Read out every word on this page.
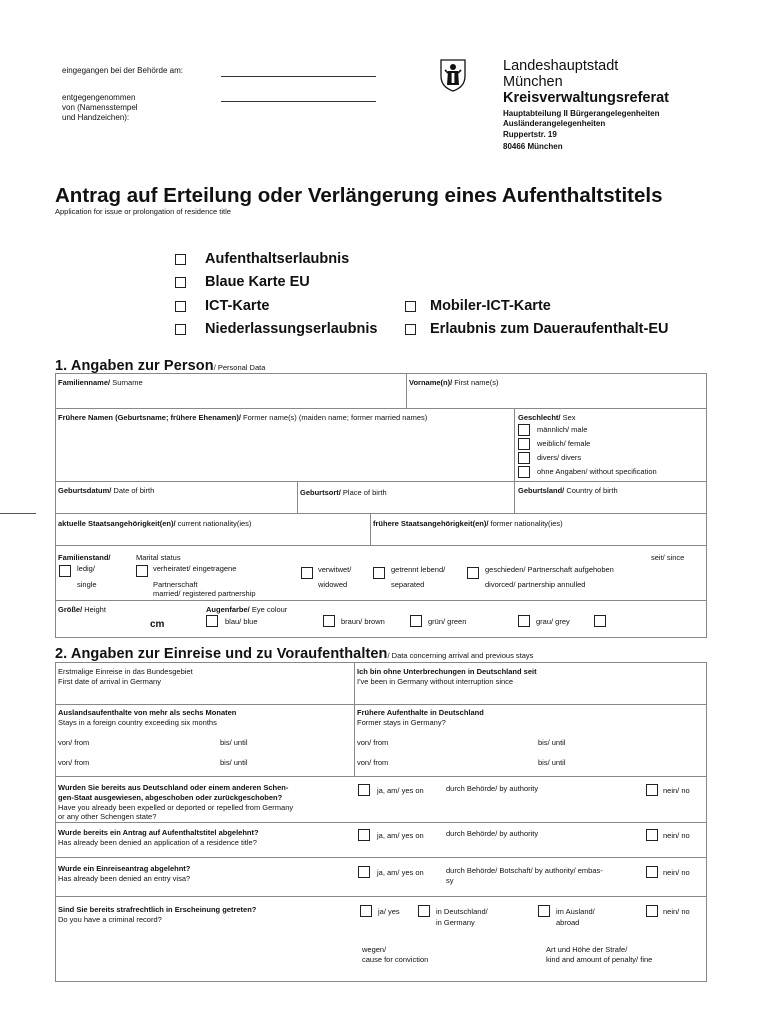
eingegangen bei der Behörde am:
entgegengenommen
von (Namensstempel
und Handzeichen):
Landeshauptstadt
München
Kreisverwaltungsreferat
Hauptabteilung II Bürgerangelegenheiten
Ausländerangelegenheiten
Ruppertstr. 19
80466 München
Antrag auf Erteilung oder Verlängerung eines Aufenthaltstitels
Application for issue or prolongation of residence title
Aufenthaltserlaubnis
Blaue Karte EU
ICT-Karte
Niederlassungserlaubnis
Mobiler-ICT-Karte
Erlaubnis zum Daueraufenthalt-EU
1. Angaben zur Person/ Personal Data
Familienname/ Surname	Vorname(n)/ First name(s)
Frühere Namen (Geburtsname; frühere Ehenamen)/ Former name(s) (maiden name; former married names)	Geschlecht/ Sex
männlich/ male
weiblich/ female
divers/ divers
ohne Angaben/ without specification
Geburtsdatum/ Date of birth	Geburtsort/ Place of birth	Geburtsland/ Country of birth
aktuelle Staatsangehörigkeit(en)/ current nationality(ies)	frühere Staatsangehörigkeit(en)/ former nationality(ies)
Familienstand/	Marital status	seit/ since
ledig/
single
verheiratet/ eingetragene
Partnerschaft
married/ registered partnership
verwitwet/
widowed
getrennt lebend/
separated
geschieden/ Partnerschaft aufgehoben
divorced/ partnership annulled
Größe/ Height
cm
Augenfarbe/ Eye colour
blau/ blue	braun/ brown	grün/ green	grau/ grey
2. Angaben zur Einreise und zu Voraufenthalten/ Data concerning arrival and previous stays
Erstmalige Einreise in das Bundesgebiet
First date of arrival in Germany
Ich bin ohne Unterbrechungen in Deutschland seit
I've been in Germany without interruption since
Auslandsaufenthalte von mehr als sechs Monaten
Stays in a foreign country exceeding six months
Frühere Aufenthalte in Deutschland
Former stays in Germany?
von/ from	bis/ until	von/ from	bis/ until
von/ from	bis/ until	von/ from	bis/ until
Wurden Sie bereits aus Deutschland oder einem anderen Schen-
gen-Staat ausgewiesen, abgeschoben oder zurückgeschoben?
Have you already been expelled or deported or repelled from Germany
or any other Schengen state?
ja, am/ yes on	durch Behörde/ by authority	nein/ no
Wurde bereits ein Antrag auf Aufenthaltstitel abgelehnt?
Has already been denied an application of a residence title?
ja, am/ yes on	durch Behörde/ by authority	nein/ no
Wurde ein Einreiseantrag abgelehnt?
Has already been denied an entry visa?
ja, am/ yes on	durch Behörde/ Botschaft/ by authority/ embas-
sy
nein/ no
Sind Sie bereits strafrechtlich in Erscheinung getreten?
Do you have a criminal record?
ja/ yes	in Deutschland/
in Germany
im Ausland/
abroad
nein/ no
wegen/
cause for conviction
Art und Höhe der Strafe/
kind and amount of penalty/ fine
